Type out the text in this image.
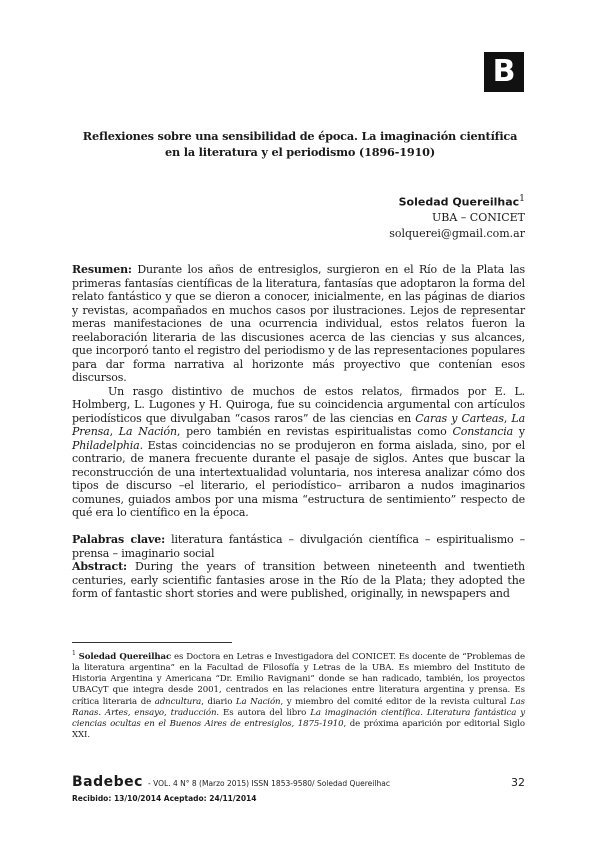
B
Reflexiones sobre una sensibilidad de época. La imaginación científica en la literatura y el periodismo (1896-1910)
Soledad Quereilhac$^1$
UBA – CONICET
solquerei@gmail.com.ar

Resumen: Durante los años de entresiglos, surgieron en el Río de la Plata las primeras fantasías científicas de la literatura, fantasías que adoptaron la forma del relato fantástico y que se dieron a conocer, inicialmente, en las páginas de diarios y revistas, acompañados en muchos casos por ilustraciones. Lejos de representar meras manifestaciones de una ocurrencia individual, estos relatos fueron la reelaboración literaria de las discusiones acerca de las ciencias y sus alcances, que incorporó tanto el registro del periodismo y de las representaciones populares para dar forma narrativa al horizonte más proyectivo que contenían esos discursos.

Un rasgo distintivo de muchos de estos relatos, firmados por E. L. Holmberg, L. Lugones y H. Quiroga, fue su coincidencia argumental con artículos periodísticos que divulgaban “casos raros” de las ciencias en Caras y Carteas, La Prensa, La Nación, pero también en revistas espiritualistas como Constancia y Philadelphia. Estas coincidencias no se produjeron en forma aislada, sino, por el contrario, de manera frecuente durante el pasaje de siglos. Antes que buscar la reconstrucción de una intertextualidad voluntaria, nos interesa analizar cómo dos tipos de discurso –el literario, el periodístico– arribaron a nudos imaginarios comunes, guiados ambos por una misma “estructura de sentimiento” respecto de qué era lo científico en la época.

Palabras clave: literatura fantástica – divulgación científica – espiritualismo – prensa – imaginario social

Abstract: During the years of transition between nineteenth and twentieth centuries, early scientific fantasies arose in the Río de la Plata; they adopted the form of fantastic short stories and were published, originally, in newspapers and

$^1$ Soledad Quereilhac es Doctora en Letras e Investigadora del CONICET. Es docente de “Problemas de la literatura argentina” en la Facultad de Filosofía y Letras de la UBA. Es miembro del Instituto de Historia Argentina y Americana “Dr. Emilio Ravignani” donde se han radicado, también, los proyectos UBACyT que integra desde 2001, centrados en las relaciones entre literatura argentina y prensa. Es crítica literaria de adncultura, diario La Nación, y miembro del comité editor de la revista cultural Las Ranas. Artes, ensayo, traducción. Es autora del libro La imaginación científica. Literatura fantástica y ciencias ocultas en el Buenos Aires de entresiglos, 1875-1910, de próxima aparición por editorial Siglo XXI.
Badebec - VOL. 4 N° 8 (Marzo 2015) ISSN 1853-9580/ Soledad Quereilhac	32
Recibido: 13/10/2014 Aceptado: 24/11/2014
